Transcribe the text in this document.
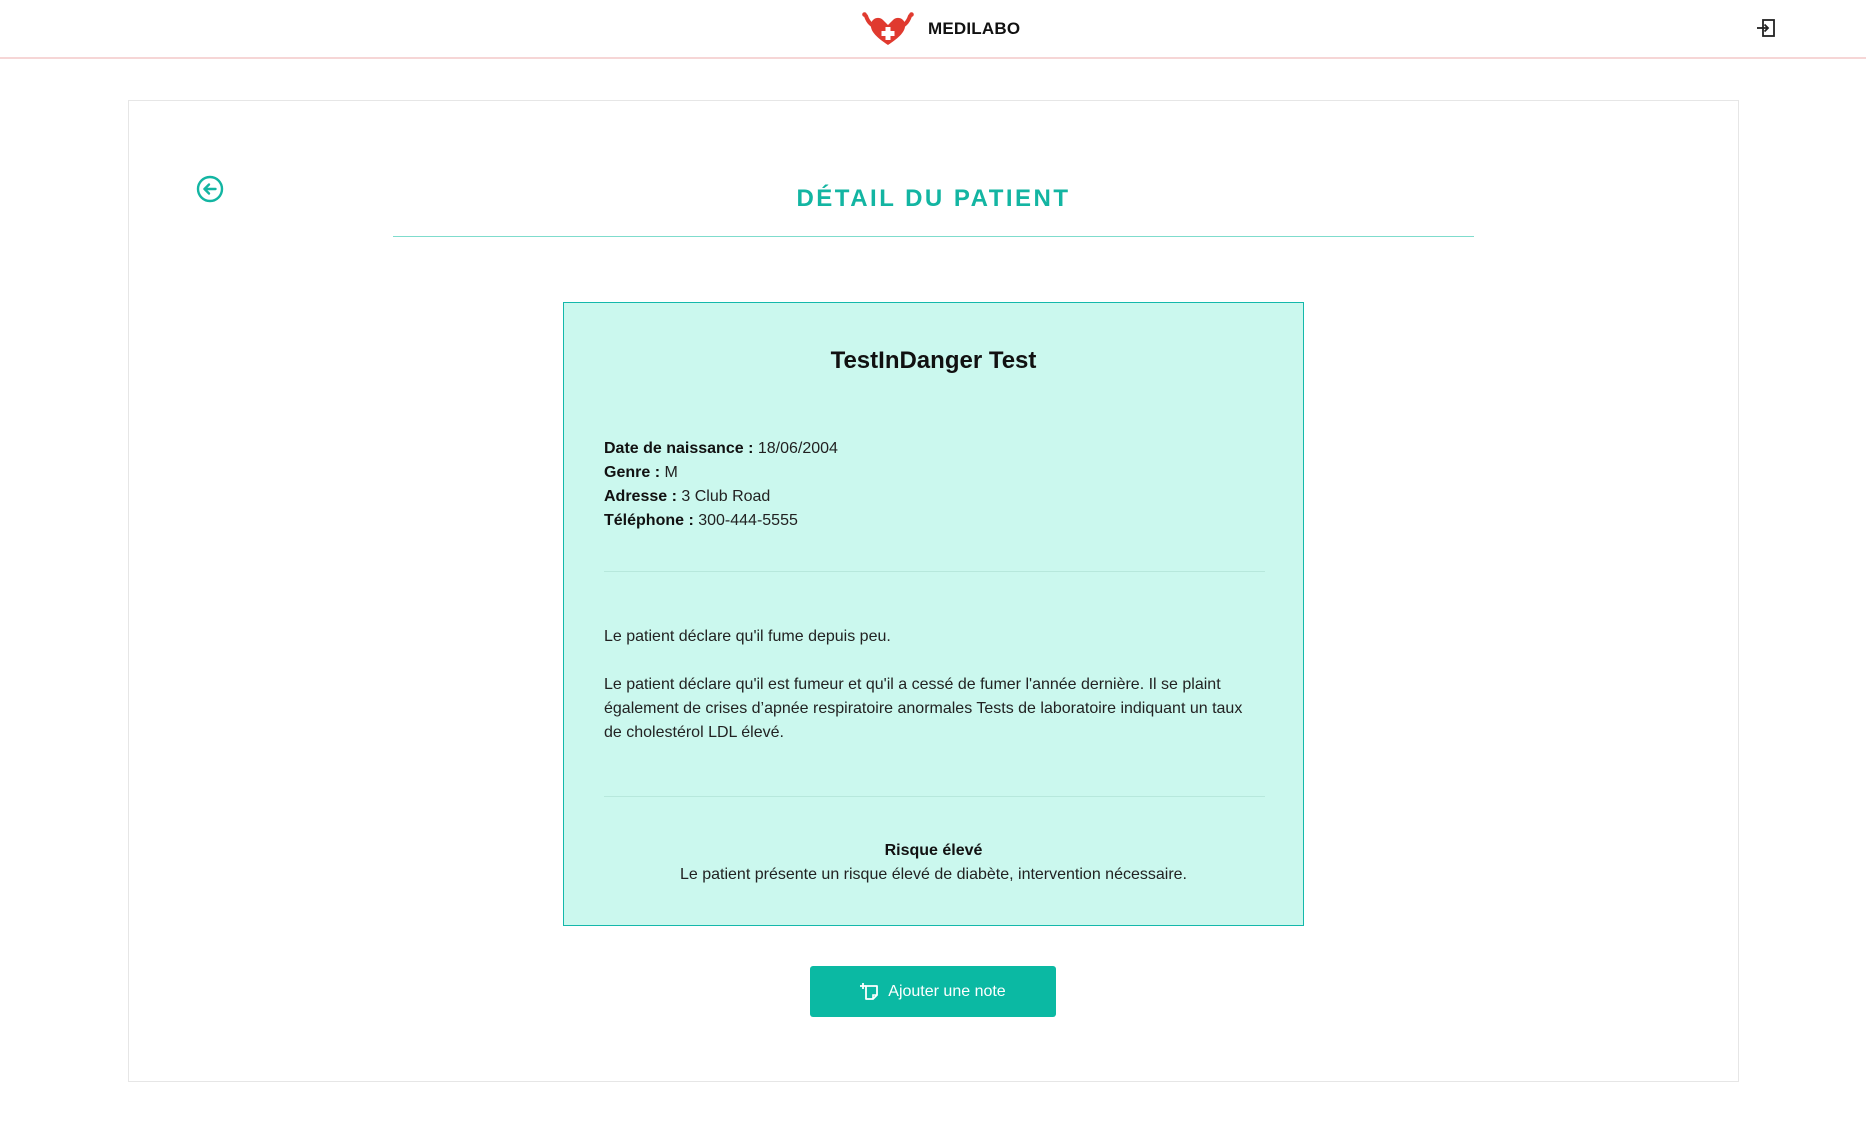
MEDILABO
DÉTAIL DU PATIENT
TestInDanger Test
Date de naissance : 18/06/2004
Genre : M
Adresse : 3 Club Road
Téléphone : 300-444-5555

Le patient déclare qu'il fume depuis peu.

Le patient déclare qu'il est fumeur et qu'il a cessé de fumer l'année dernière. Il se plaint également de crises d’apnée respiratoire anormales Tests de laboratoire indiquant un taux de cholestérol LDL élevé.

Risque élevé
Le patient présente un risque élevé de diabète, intervention nécessaire.
Ajouter une note
